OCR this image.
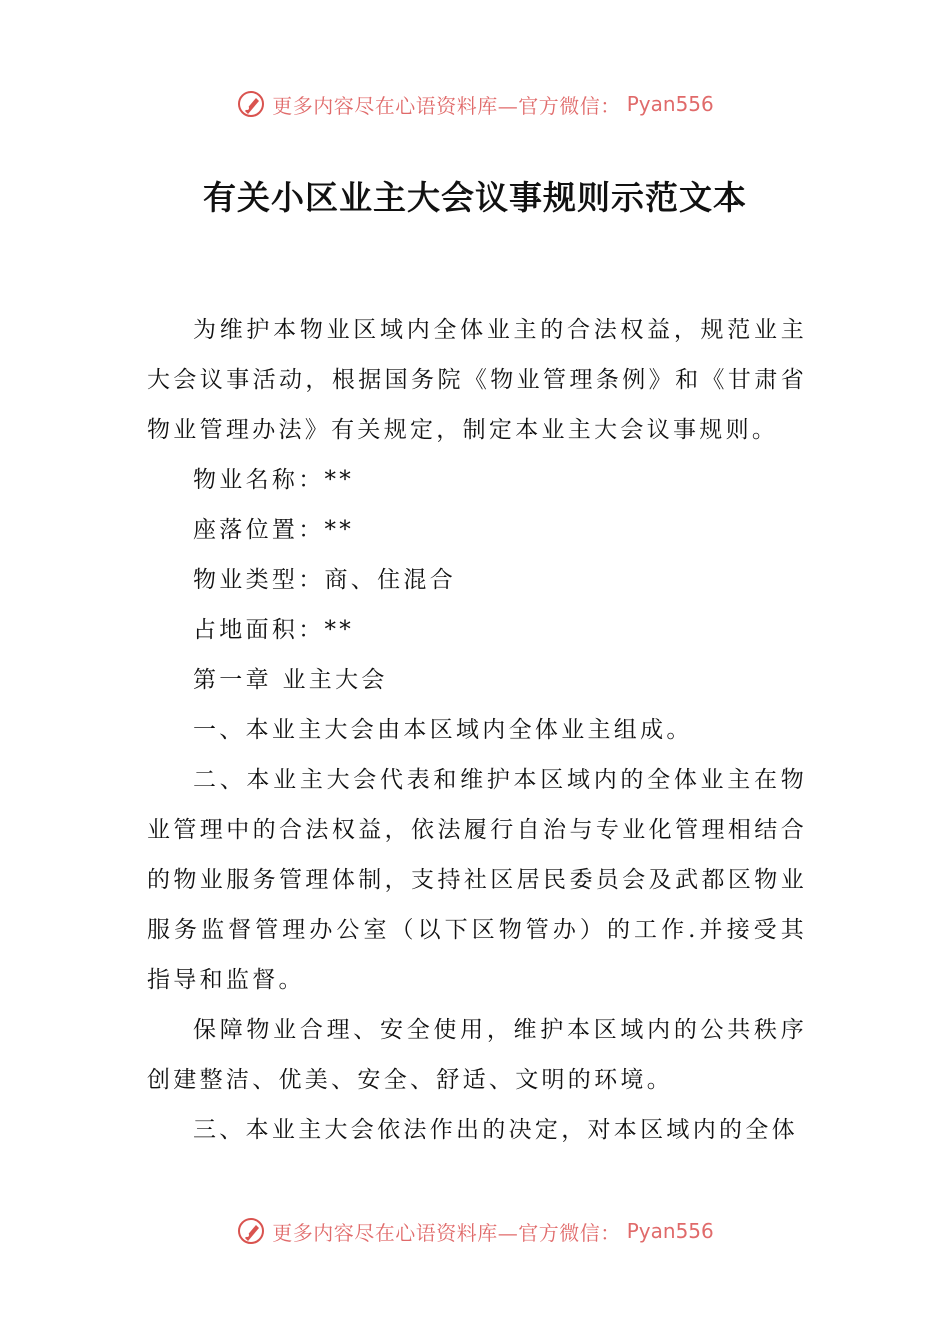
更多内容尽在心语资料库—官方微信： Pyan556
有关小区业主大会议事规则示范文本

为维护本物业区域内全体业主的合法权益，规范业主大会议事活动，根据国务院《物业管理条例》和《甘肃省物业管理办法》有关规定，制定本业主大会议事规则。

物业名称：**

座落位置：**

物业类型：商、住混合

占地面积：**

第一章 业主大会

一、本业主大会由本区域内全体业主组成。

二、本业主大会代表和维护本区域内的全体业主在物业管理中的合法权益，依法履行自治与专业化管理相结合的物业服务管理体制，支持社区居民委员会及武都区物业服务监督管理办公室（以下区物管办）的工作.并接受其指导和监督。

保障物业合理、安全使用，维护本区域内的公共秩序创建整洁、优美、安全、舒适、文明的环境。

三、本业主大会依法作出的决定，对本区域内的全体

更多内容尽在心语资料库—官方微信： Pyan556
